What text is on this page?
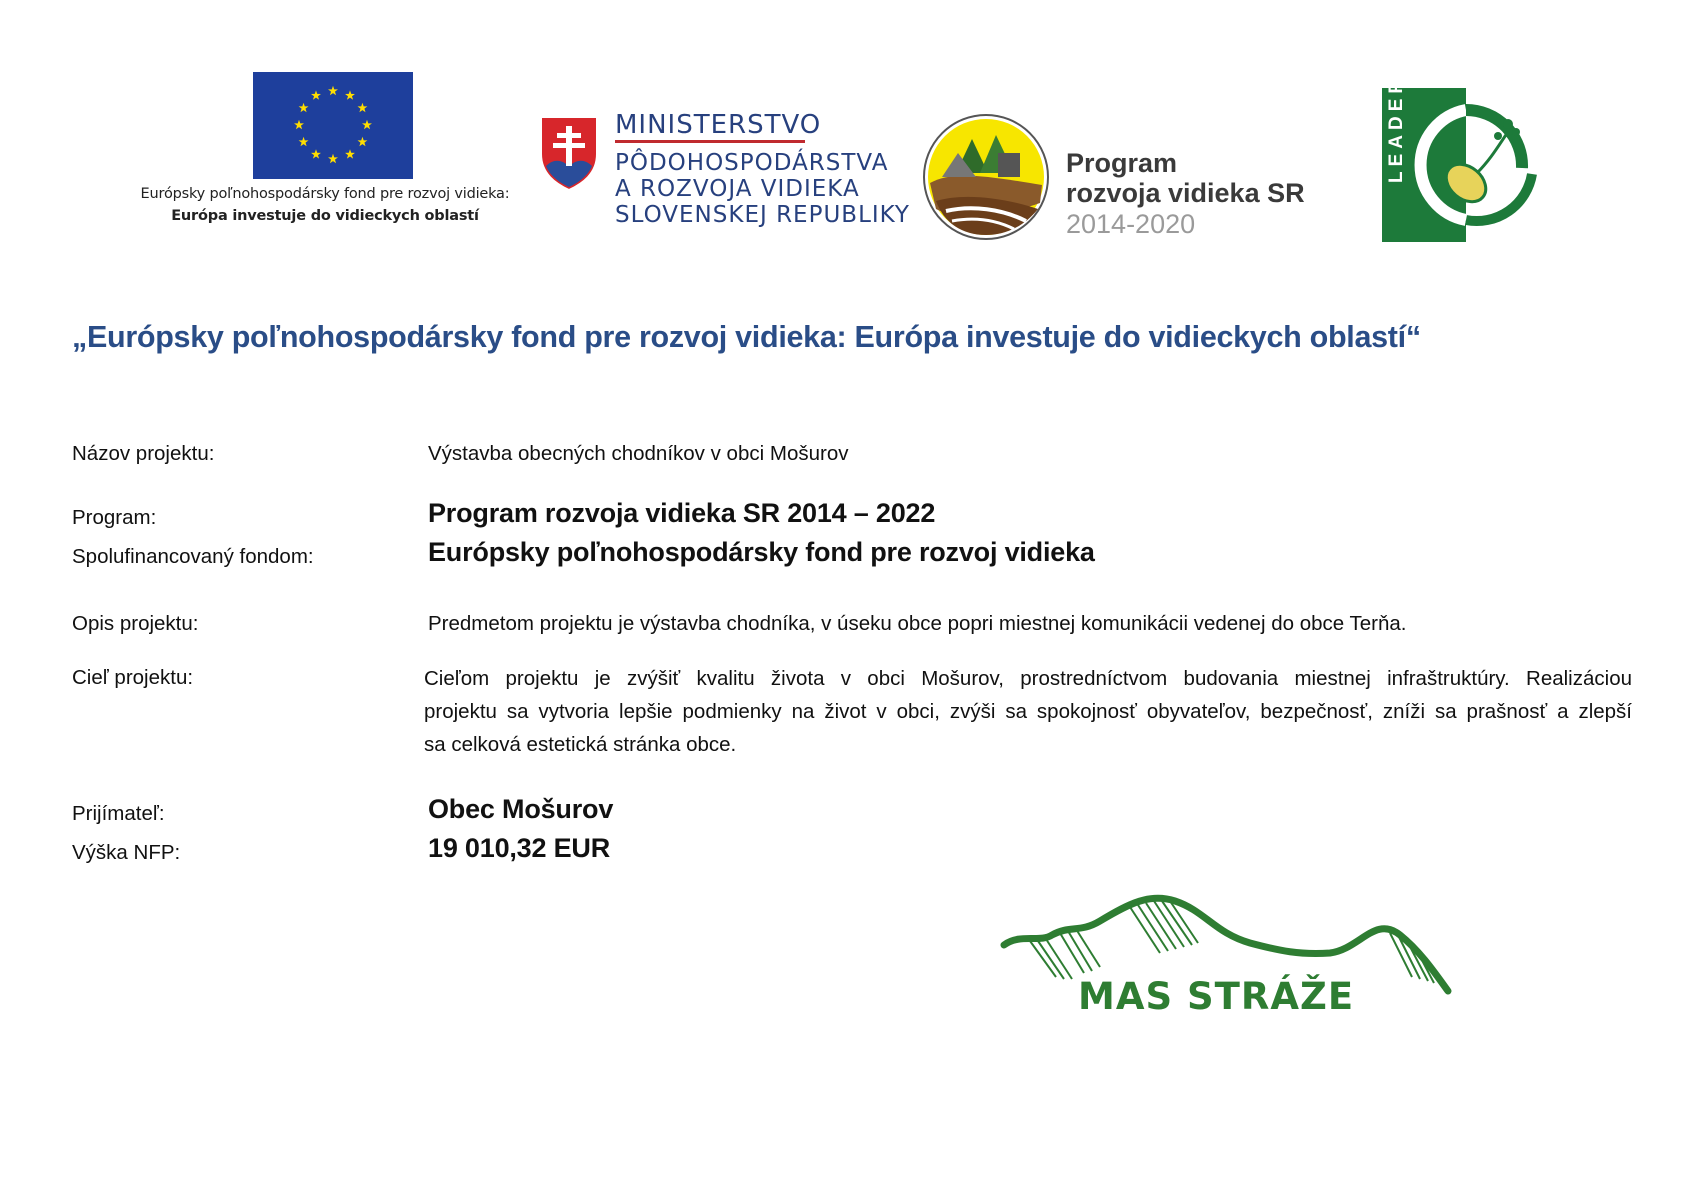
Európsky poľnohospodársky fond pre rozvoj vidieka:
Európa investuje do vidieckych oblastí
MINISTERSTVO
PÔDOHOSPODÁRSTVA
A ROZVOJA VIDIEKA
SLOVENSKEJ REPUBLIKY
Program
rozvoja vidieka SR
2014-2020
„Európsky poľnohospodársky fond pre rozvoj vidieka: Európa investuje do vidieckych oblastí“
Názov projektu:	Výstavba obecných chodníkov v obci Mošurov
Program:	Program rozvoja vidieka SR 2014 – 2022
Spolufinancovaný fondom:	Európsky poľnohospodársky fond pre rozvoj vidieka
Opis projektu:	Predmetom projektu je výstavba chodníka, v úseku obce popri miestnej komunikácii vedenej do obce Terňa.
Cieľ projektu:	Cieľom projektu je zvýšiť kvalitu života v obci Mošurov, prostredníctvom budovania miestnej infraštruktúry. Realizáciou
projektu sa vytvoria lepšie podmienky na život v obci, zvýši sa spokojnosť obyvateľov, bezpečnosť, zníži sa prašnosť a zlepší
sa celková estetická stránka obce.
Prijímateľ:	Obec Mošurov
Výška NFP:	19 010,32 EUR
MAS STRÁŽE
